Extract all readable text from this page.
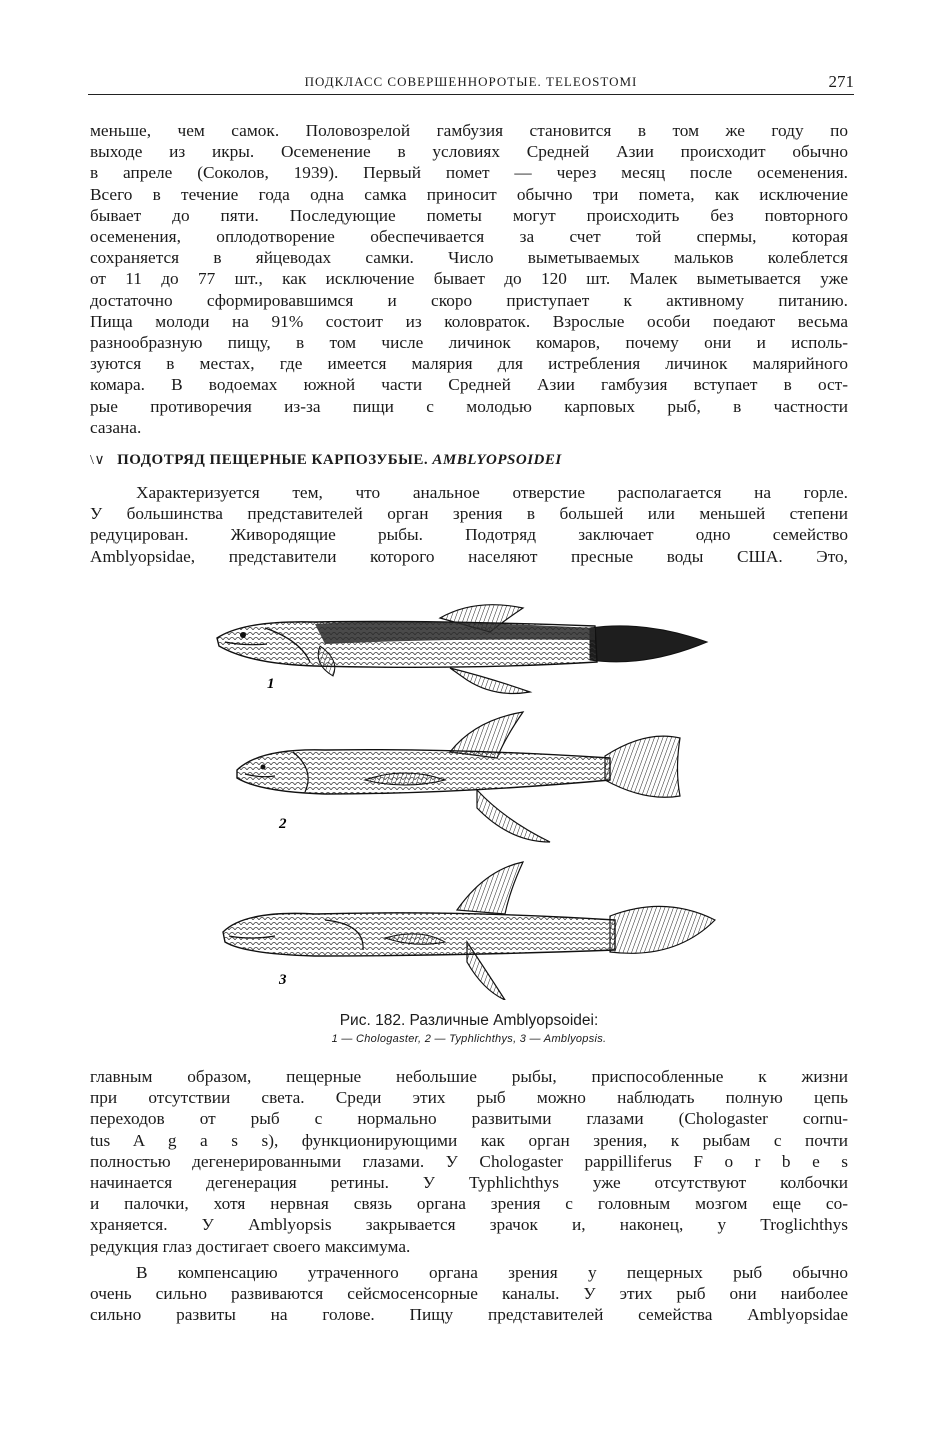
ПОДКЛАСС СОВЕРШЕННОРОТЫЕ. TELEOSTOMI	271
меньше, чем самок. Половозрелой гамбузия становится в том же году по
выходе из икры. Осеменение в условиях Средней Азии происходит обычно
в апреле (Соколов, 1939). Первый помет — через месяц после осеменения.
Всего в течение года одна самка приносит обычно три помета, как исключение
бывает до пяти. Последующие пометы могут происходить без повторного
осеменения, оплодотворение обеспечивается за счет той спермы, которая
сохраняется в яйцеводах самки. Число выметываемых мальков колеблется
от 11 до 77 шт., как исключение бывает до 120 шт. Малек выметывается уже
достаточно сформировавшимся и скоро приступает к активному питанию.
Пища молоди на 91% состоит из коловраток. Взрослые особи поедают весьма
разнообразную пищу, в том числе личинок комаров, почему они и исполь-
зуются в местах, где имеется малярия для истребления личинок малярийного
комара. В водоемах южной части Средней Азии гамбузия вступает в ост-
рые противоречия из-за пищи с молодью карповых рыб, в частности
сазана.
\∨ ПОДОТРЯД ПЕЩЕРНЫЕ КАРПОЗУБЫЕ. AMBLYOPSOIDEI
Характеризуется тем, что анальное отверстие располагается на горле.
У большинства представителей орган зрения в большей или меньшей степени
редуцирован. Живородящие рыбы. Подотряд заключает одно семейство
Amblyopsidae, представители которого населяют пресные воды США. Это,
1
2
3
Рис. 182. Различные Amblyopsoidei:
1 — Chologaster, 2 — Typhlichthys, 3 — Amblyopsis.
главным образом, пещерные небольшие рыбы, приспособленные к жизни
при отсутствии света. Среди этих рыб можно наблюдать полную цепь
переходов от рыб с нормально развитыми глазами (Chologaster cornu-
tus A g a s s), функционирующими как орган зрения, к рыбам с почти
полностью дегенерированными глазами. У Chologaster pappilliferus F o r b e s
начинается дегенерация ретины. У Typhlichthys уже отсутствуют колбочки
и палочки, хотя нервная связь органа зрения с головным мозгом еще со-
храняется. У Amblyopsis закрывается зрачок и, наконец, у Troglichthys
редукция глаз достигает своего максимума.
В компенсацию утраченного органа зрения у пещерных рыб обычно
очень сильно развиваются сейсмосенсорные каналы. У этих рыб они наиболее
сильно развиты на голове. Пищу представителей семейства Amblyopsidae
